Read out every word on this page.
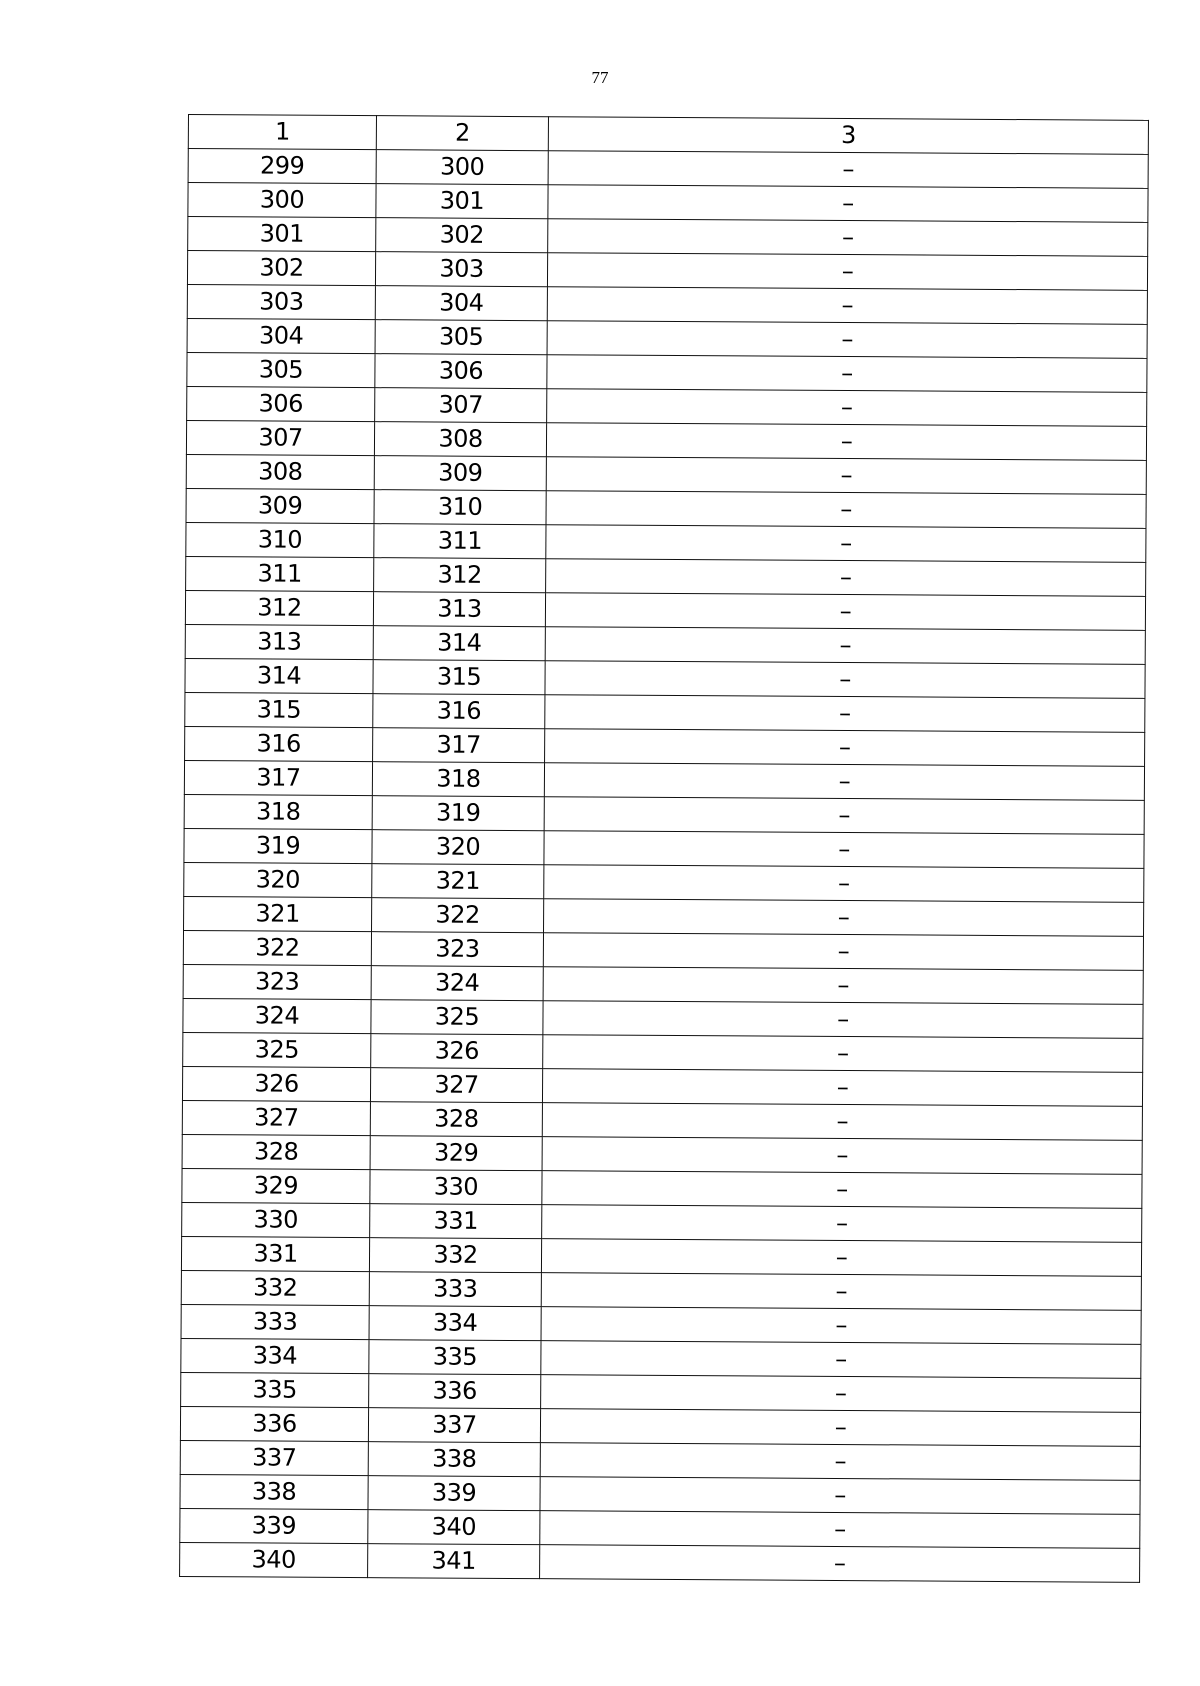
77
1	2	3
299	300	–
300	301	–
301	302	–
302	303	–
303	304	–
304	305	–
305	306	–
306	307	–
307	308	–
308	309	–
309	310	–
310	311	–
311	312	–
312	313	–
313	314	–
314	315	–
315	316	–
316	317	–
317	318	–
318	319	–
319	320	–
320	321	–
321	322	–
322	323	–
323	324	–
324	325	–
325	326	–
326	327	–
327	328	–
328	329	–
329	330	–
330	331	–
331	332	–
332	333	–
333	334	–
334	335	–
335	336	–
336	337	–
337	338	–
338	339	–
339	340	–
340	341	–
